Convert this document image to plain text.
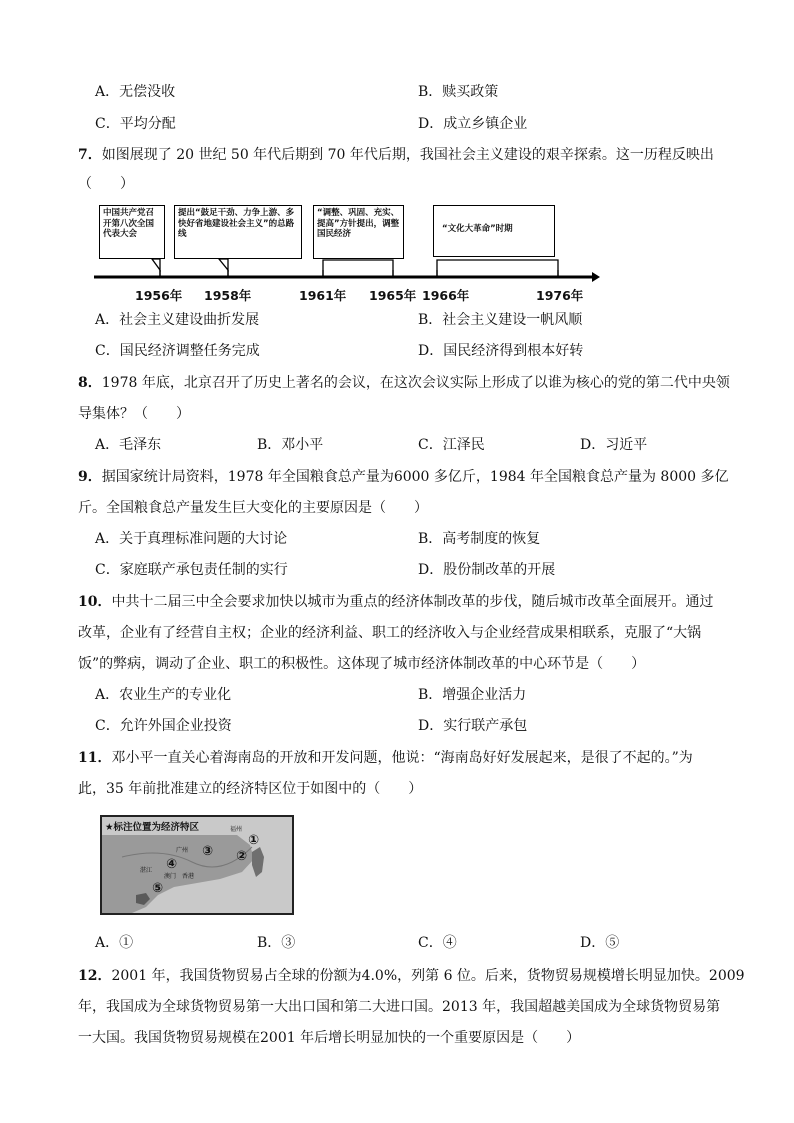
A．无偿没收	B．赎买政策
C．平均分配	D．成立乡镇企业
7．如图展现了 20 世纪 50 年代后期到 70 年代后期，我国社会主义建设的艰辛探索。这一历程反映出
（　　）
中国共产党召开第八次全国代表大会
提出“鼓足干劲、力争上游、多快好省地建设社会主义”的总路线
“调整、巩固、充实、提高”方针提出，调整国民经济	“文化大革命”时期
1956年 1958年	1961年 1965年 1966年	1976年
A．社会主义建设曲折发展	B．社会主义建设一帆风顺
C．国民经济调整任务完成	D．国民经济得到根本好转
8．1978 年底，北京召开了历史上著名的会议，在这次会议实际上形成了以谁为核心的党的第二代中央领
导集体？（　　）
A．毛泽东	B．邓小平	C．江泽民	D．习近平
9．据国家统计局资料，1978 年全国粮食总产量为6000 多亿斤，1984 年全国粮食总产量为 8000 多亿
斤。全国粮食总产量发生巨大变化的主要原因是（　　）
A．关于真理标准问题的大讨论	B．高考制度的恢复
C．家庭联产承包责任制的实行	D．股份制改革的开展
10．中共十二届三中全会要求加快以城市为重点的经济体制改革的步伐，随后城市改革全面展开。通过
改革，企业有了经营自主权；企业的经济利益、职工的经济收入与企业经营成果相联系，克服了“大锅
饭”的弊病，调动了企业、职工的积极性。这体现了城市经济体制改革的中心环节是（　　）
A．农业生产的专业化	B．增强企业活力
C．允许外国企业投资	D．实行联产承包
11．邓小平一直关心着海南岛的开放和开发问题，他说：“海南岛好好发展起来，是很了不起的。”为
此，35 年前批准建立的经济特区位于如图中的（　　）
★标注位置为经济特区	福州
广州
澳门 香港
湛江
①
②
③
④
⑤
A．①	B．③	C．④	D．⑤
12．2001 年，我国货物贸易占全球的份额为4.0%，列第 6 位。后来，货物贸易规模增长明显加快。2009
年，我国成为全球货物贸易第一大出口国和第二大进口国。2013 年，我国超越美国成为全球货物贸易第
一大国。我国货物贸易规模在2001 年后增长明显加快的一个重要原因是（　　）
